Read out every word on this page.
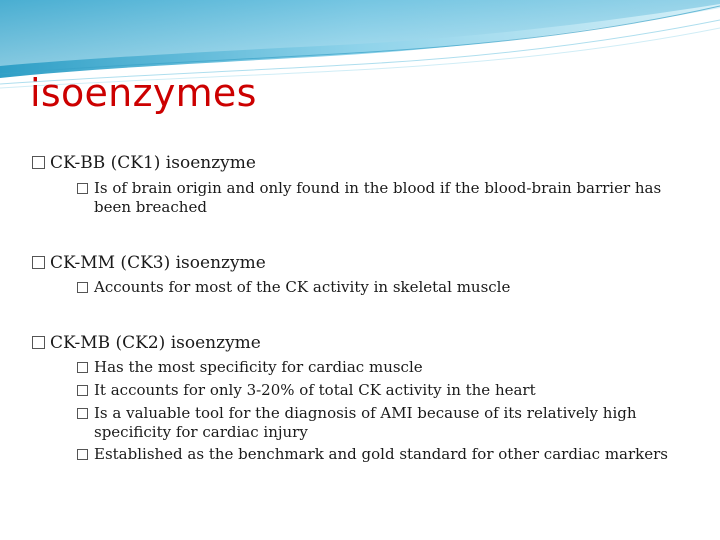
isoenzymes
CK-BB (CK1) isoenzyme
Is of brain origin and only found in the blood if the blood-brain barrier has been breached
CK-MM (CK3) isoenzyme
Accounts for most of the CK activity in skeletal muscle
CK-MB (CK2) isoenzyme
Has the most specificity for cardiac muscle
It accounts for only 3-20% of total CK activity in the heart
Is a valuable tool for the diagnosis of AMI because of its relatively high specificity for cardiac injury
Established as the benchmark and gold standard for other cardiac markers
